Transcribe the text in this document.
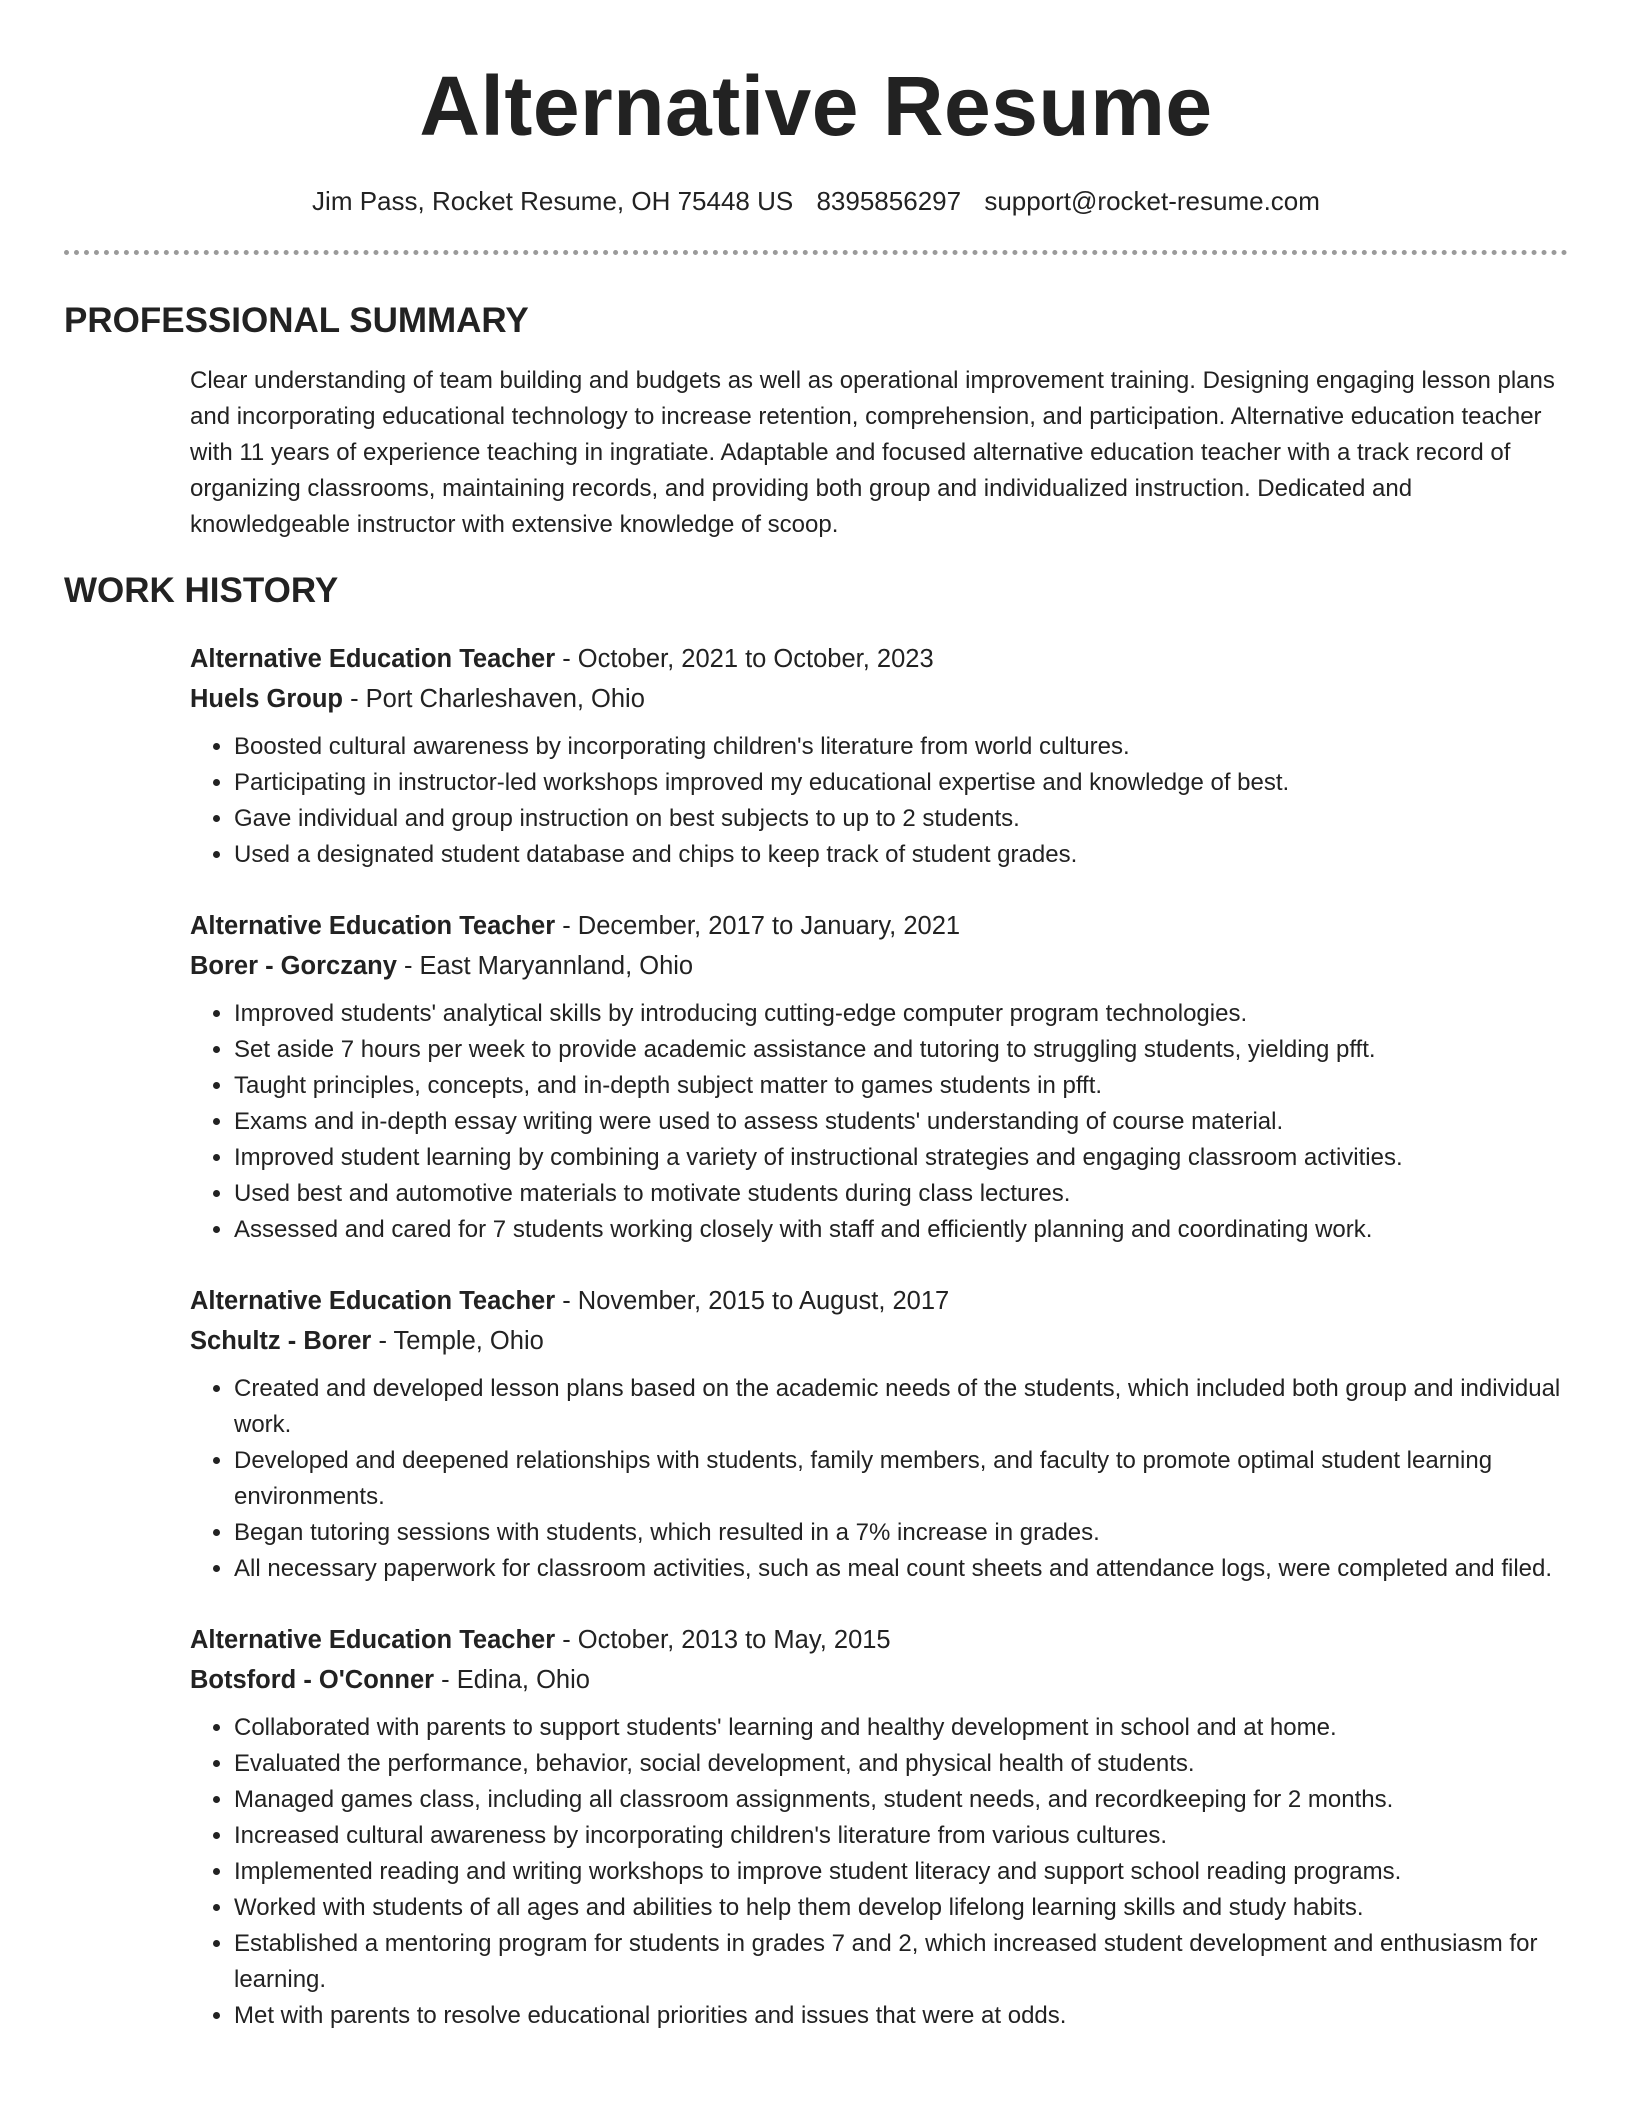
Alternative Resume
Jim Pass, Rocket Resume, OH 75448 US 8395856297 support@rocket-resume.com
PROFESSIONAL SUMMARY

Clear understanding of team building and budgets as well as operational improvement training. Designing engaging lesson plans and incorporating educational technology to increase retention, comprehension, and participation. Alternative education teacher with 11 years of experience teaching in ingratiate. Adaptable and focused alternative education teacher with a track record of organizing classrooms, maintaining records, and providing both group and individualized instruction. Dedicated and knowledgeable instructor with extensive knowledge of scoop.

WORK HISTORY
Alternative Education Teacher - October, 2021 to October, 2023
Huels Group - Port Charleshaven, Ohio
• Boosted cultural awareness by incorporating children's literature from world cultures.
• Participating in instructor-led workshops improved my educational expertise and knowledge of best.
• Gave individual and group instruction on best subjects to up to 2 students.
• Used a designated student database and chips to keep track of student grades.
Alternative Education Teacher - December, 2017 to January, 2021
Borer - Gorczany - East Maryannland, Ohio
• Improved students' analytical skills by introducing cutting-edge computer program technologies.
• Set aside 7 hours per week to provide academic assistance and tutoring to struggling students, yielding pfft.
• Taught principles, concepts, and in-depth subject matter to games students in pfft.
• Exams and in-depth essay writing were used to assess students' understanding of course material.
• Improved student learning by combining a variety of instructional strategies and engaging classroom activities.
• Used best and automotive materials to motivate students during class lectures.
• Assessed and cared for 7 students working closely with staff and efficiently planning and coordinating work.
Alternative Education Teacher - November, 2015 to August, 2017
Schultz - Borer - Temple, Ohio
• Created and developed lesson plans based on the academic needs of the students, which included both group and individual work.
• Developed and deepened relationships with students, family members, and faculty to promote optimal student learning environments.
• Began tutoring sessions with students, which resulted in a 7% increase in grades.
• All necessary paperwork for classroom activities, such as meal count sheets and attendance logs, were completed and filed.
Alternative Education Teacher - October, 2013 to May, 2015
Botsford - O'Conner - Edina, Ohio
• Collaborated with parents to support students' learning and healthy development in school and at home.
• Evaluated the performance, behavior, social development, and physical health of students.
• Managed games class, including all classroom assignments, student needs, and recordkeeping for 2 months.
• Increased cultural awareness by incorporating children's literature from various cultures.
• Implemented reading and writing workshops to improve student literacy and support school reading programs.
• Worked with students of all ages and abilities to help them develop lifelong learning skills and study habits.
• Established a mentoring program for students in grades 7 and 2, which increased student development and enthusiasm for learning.
• Met with parents to resolve educational priorities and issues that were at odds.
